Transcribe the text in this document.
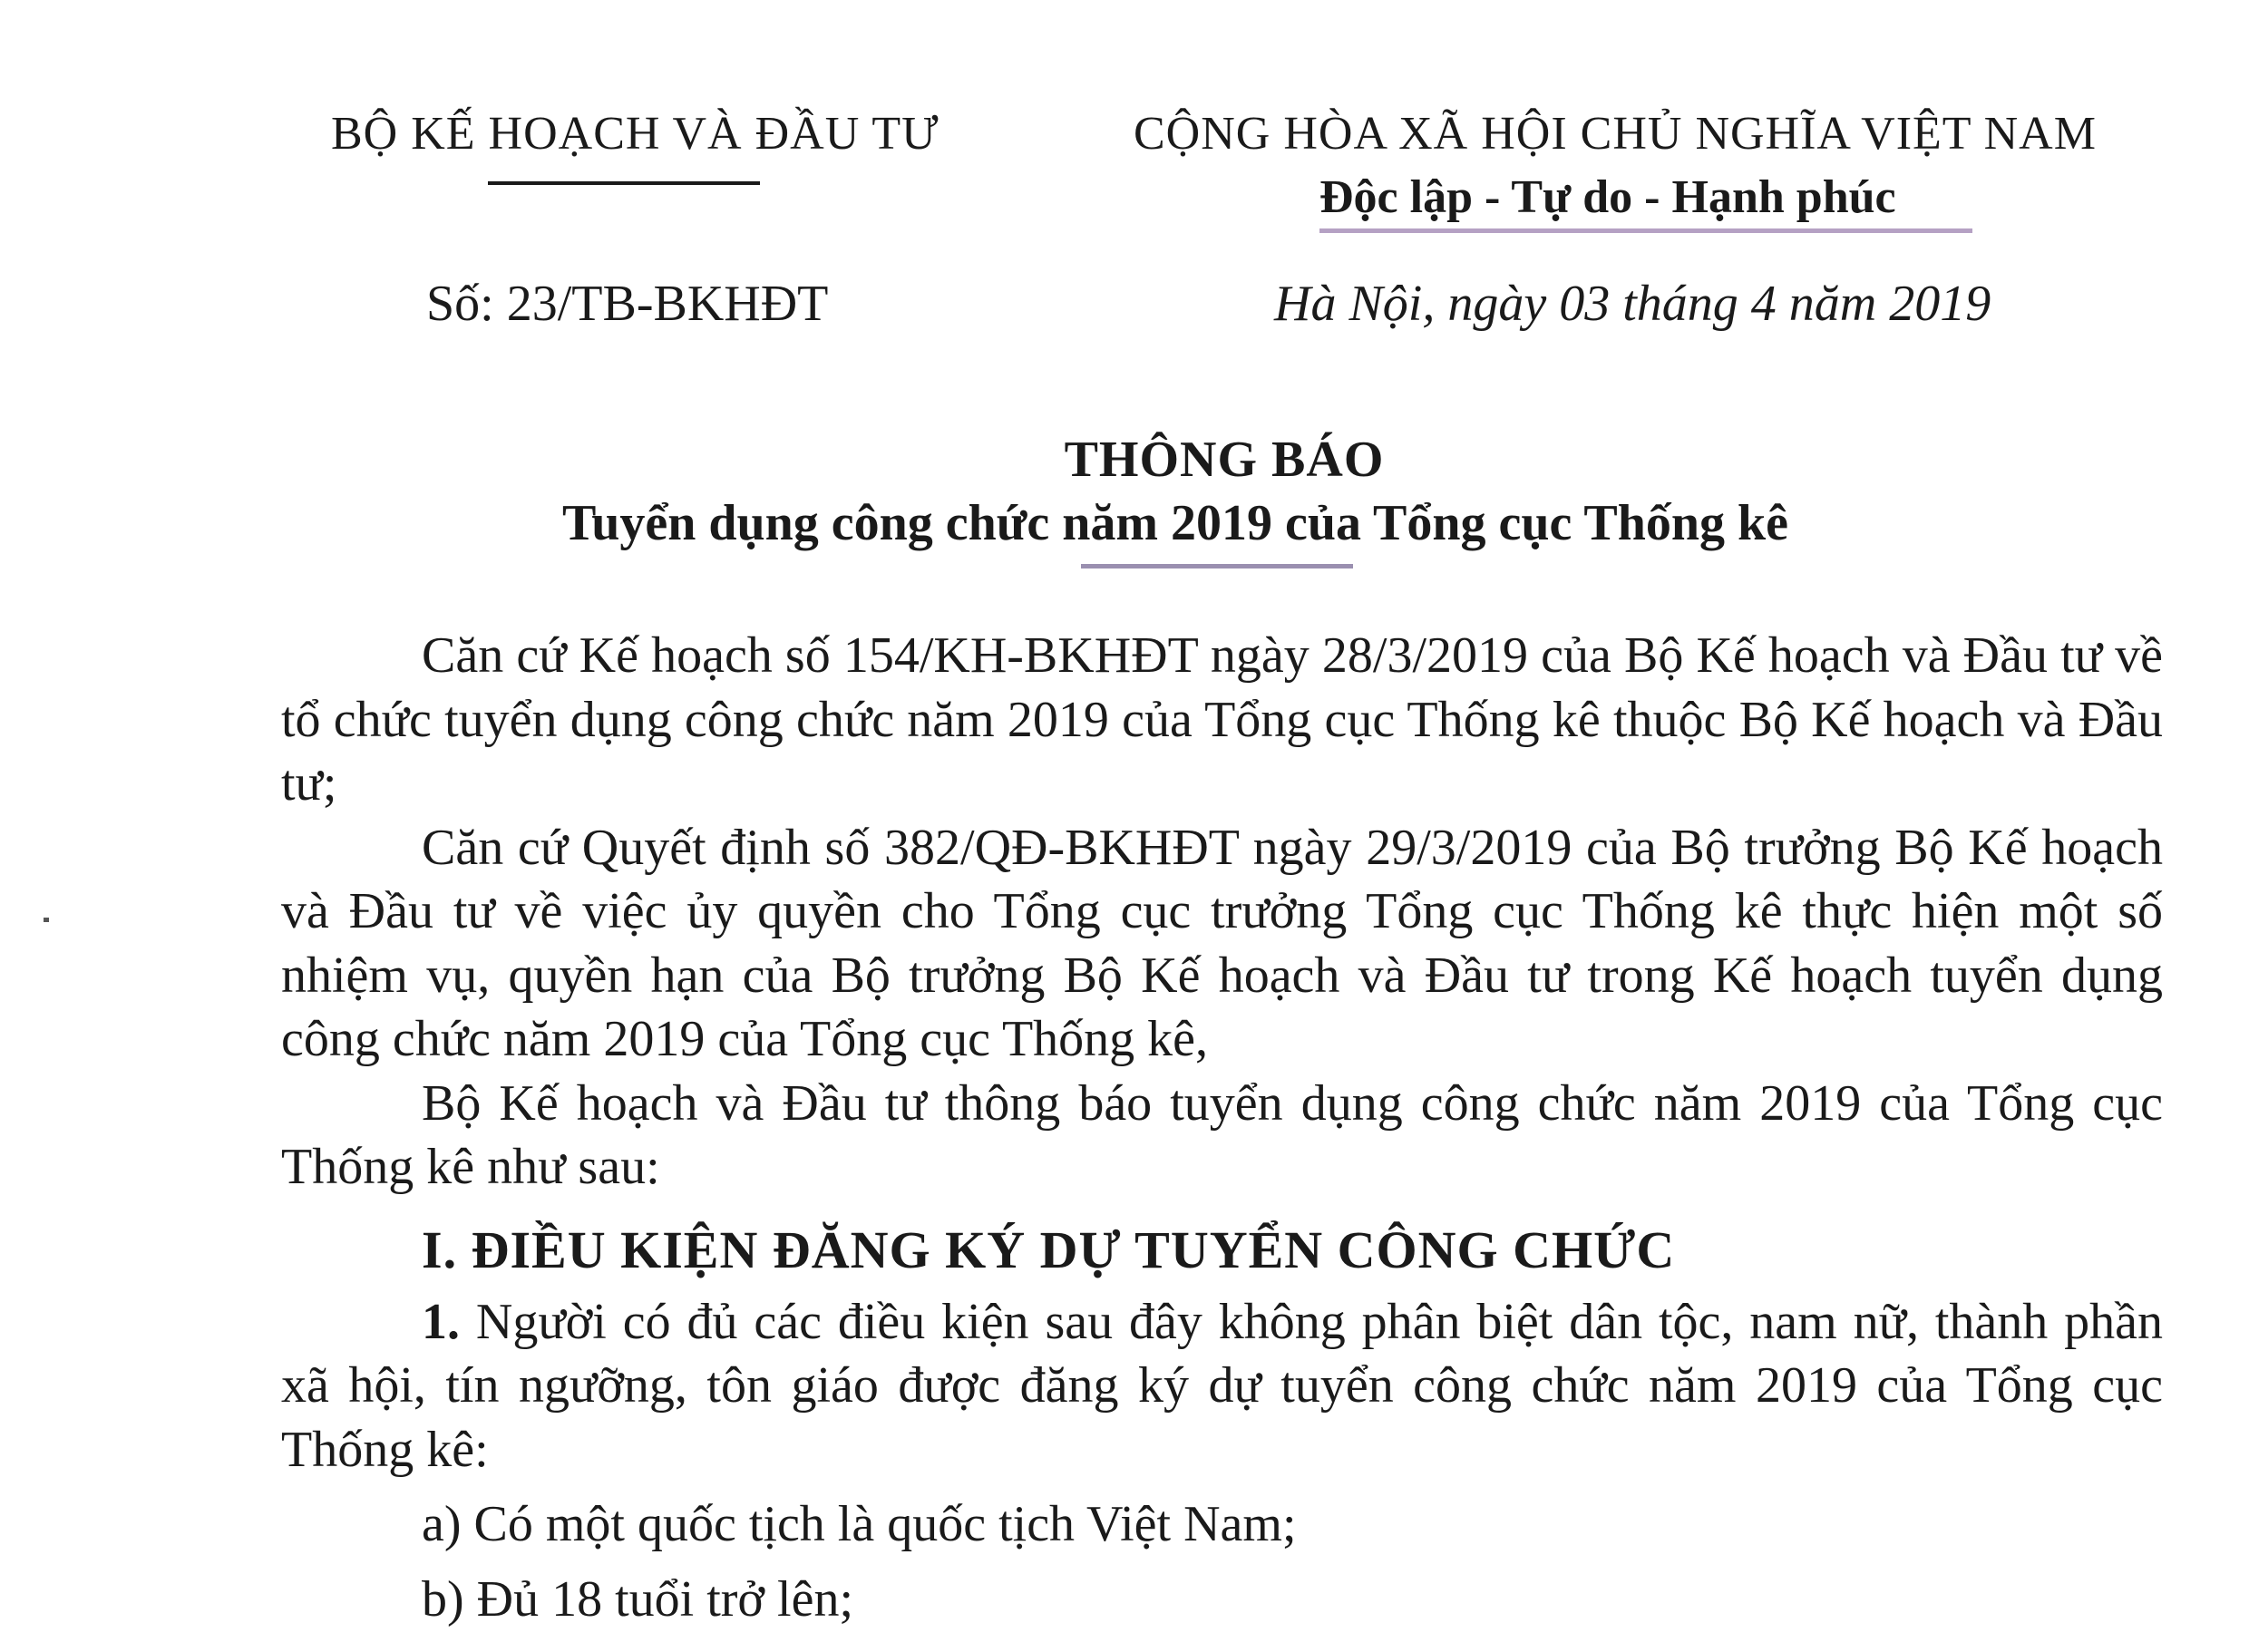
BỘ KẾ HOẠCH VÀ ĐẦU TƯ
Số: 23/TB-BKHĐT
CỘNG HÒA XÃ HỘI CHỦ NGHĨA VIỆT NAM
Độc lập - Tự do - Hạnh phúc
Hà Nội, ngày 03 tháng 4 năm 2019
THÔNG BÁO
Tuyển dụng công chức năm 2019 của Tổng cục Thống kê

Căn cứ Kế hoạch số 154/KH-BKHĐT ngày 28/3/2019 của Bộ Kế hoạch và Đầu tư về tổ chức tuyển dụng công chức năm 2019 của Tổng cục Thống kê thuộc Bộ Kế hoạch và Đầu tư;

Căn cứ Quyết định số 382/QĐ-BKHĐT ngày 29/3/2019 của Bộ trưởng Bộ Kế hoạch và Đầu tư về việc ủy quyền cho Tổng cục trưởng Tổng cục Thống kê thực hiện một số nhiệm vụ, quyền hạn của Bộ trưởng Bộ Kế hoạch và Đầu tư trong Kế hoạch tuyển dụng công chức năm 2019 của Tổng cục Thống kê,

Bộ Kế hoạch và Đầu tư thông báo tuyển dụng công chức năm 2019 của Tổng cục Thống kê như sau:

I. ĐIỀU KIỆN ĐĂNG KÝ DỰ TUYỂN CÔNG CHỨC

1. Người có đủ các điều kiện sau đây không phân biệt dân tộc, nam nữ, thành phần xã hội, tín ngưỡng, tôn giáo được đăng ký dự tuyển công chức năm 2019 của Tổng cục Thống kê:

a) Có một quốc tịch là quốc tịch Việt Nam;

b) Đủ 18 tuổi trở lên;
